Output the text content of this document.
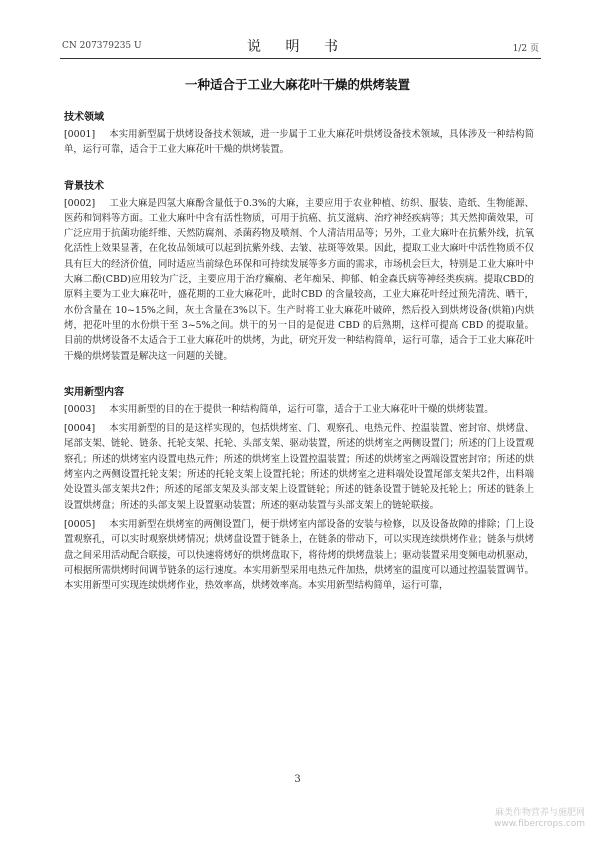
CN 207379235 U	说 明 书	1/2 页
一种适合于工业大麻花叶干燥的烘烤装置
技术领域

[0001] 本实用新型属于烘烤设备技术领域，进一步属于工业大麻花叶烘烤设备技术领域，具体涉及一种结构简单，运行可靠，适合于工业大麻花叶干燥的烘烤装置。

背景技术

[0002] 工业大麻是四氢大麻酚含量低于0.3%的大麻，主要应用于农业种植、纺织、服装、造纸、生物能源、医药和饲料等方面。工业大麻叶中含有活性物质，可用于抗癌、抗艾滋病、治疗神经疾病等；其天然抑菌效果，可广泛应用于抗菌功能纤维、天然防腐剂、杀菌药物及喷剂、个人清洁用品等；另外，工业大麻叶在抗紫外线，抗氧化活性上效果显著，在化妆品领域可以起到抗紫外线、去皱、祛斑等效果。因此，提取工业大麻叶中活性物质不仅具有巨大的经济价值，同时适应当前绿色环保和可持续发展等多方面的需求，市场机会巨大，特别是工业大麻叶中大麻二酚(CBD)应用较为广泛，主要应用于治疗癫痫、老年痴呆、抑郁、帕金森氏病等神经类疾病。提取CBD的原料主要为工业大麻花叶，盛花期的工业大麻花叶，此时CBD 的含量较高，工业大麻花叶经过预先清洗、晒干，水份含量在 10~15%之间，灰土含量在3%以下。生产时将工业大麻花叶破碎，然后投入到烘烤设备(烘箱)内烘烤，把花叶里的水份烘干至 3~5%之间。烘干的另一目的是促进 CBD 的后熟期，这样可提高 CBD 的提取量。目前的烘烤设备不太适合于工业大麻花叶的烘烤，为此，研究开发一种结构简单，运行可靠，适合于工业大麻花叶干燥的烘烤装置是解决这一问题的关键。

实用新型内容

[0003] 本实用新型的目的在于提供一种结构简单，运行可靠，适合于工业大麻花叶干燥的烘烤装置。

[0004] 本实用新型的目的是这样实现的，包括烘烤室、门、观察孔、电热元件、控温装置、密封帘、烘烤盘、尾部支架、链轮、链条、托轮支架、托轮、头部支架、驱动装置，所述的烘烤室之两侧设置门；所述的门上设置观察孔；所述的烘烤室内设置电热元件；所述的烘烤室上设置控温装置；所述的烘烤室之两端设置密封帘；所述的烘烤室内之两侧设置托轮支架；所述的托轮支架上设置托轮；所述的烘烤室之进料端处设置尾部支架共2件，出料端处设置头部支架共2件；所述的尾部支架及头部支架上设置链轮；所述的链条设置于链轮及托轮上；所述的链条上设置烘烤盘；所述的头部支架上设置驱动装置；所述的驱动装置与头部支架上的链轮联接。

[0005] 本实用新型在烘烤室的两侧设置门，便于烘烤室内部设备的安装与检修，以及设备故障的排除；门上设置观察孔，可以实时观察烘烤情况；烘烤盘设置于链条上，在链条的带动下，可以实现连续烘烤作业；链条与烘烤盘之间采用活动配合联接，可以快速将烤好的烘烤盘取下，将待烤的烘烤盘装上；驱动装置采用变频电动机驱动，可根据所需烘烤时间调节链条的运行速度。本实用新型采用电热元件加热，烘烤室的温度可以通过控温装置调节。本实用新型可实现连续烘烤作业，热效率高，烘烤效率高。本实用新型结构简单，运行可靠，

3
麻类作物营养与施肥网
www.fibercrops.com
